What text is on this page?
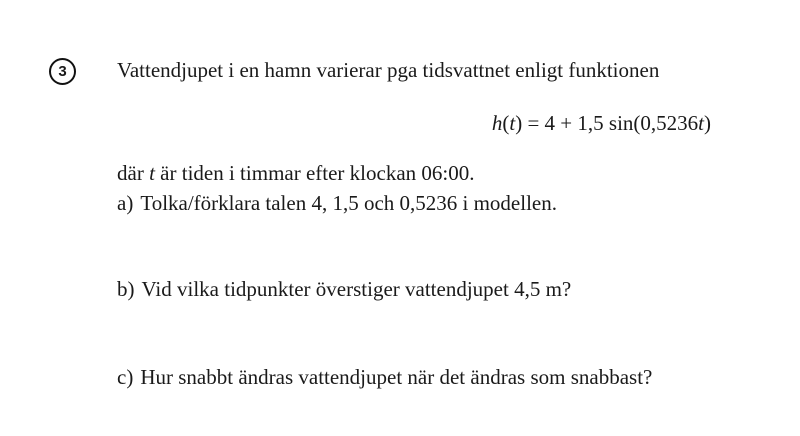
3	Vattendjupet i en hamn varierar pga tidsvattnet enligt funktionen
h(t) = 4 + 1,5 sin(0,5236t)
där t är tiden i timmar efter klockan 06:00.
a) Tolka/förklara talen 4, 1,5 och 0,5236 i modellen.
b) Vid vilka tidpunkter överstiger vattendjupet 4,5 m?
c) Hur snabbt ändras vattendjupet när det ändras som snabbast?
